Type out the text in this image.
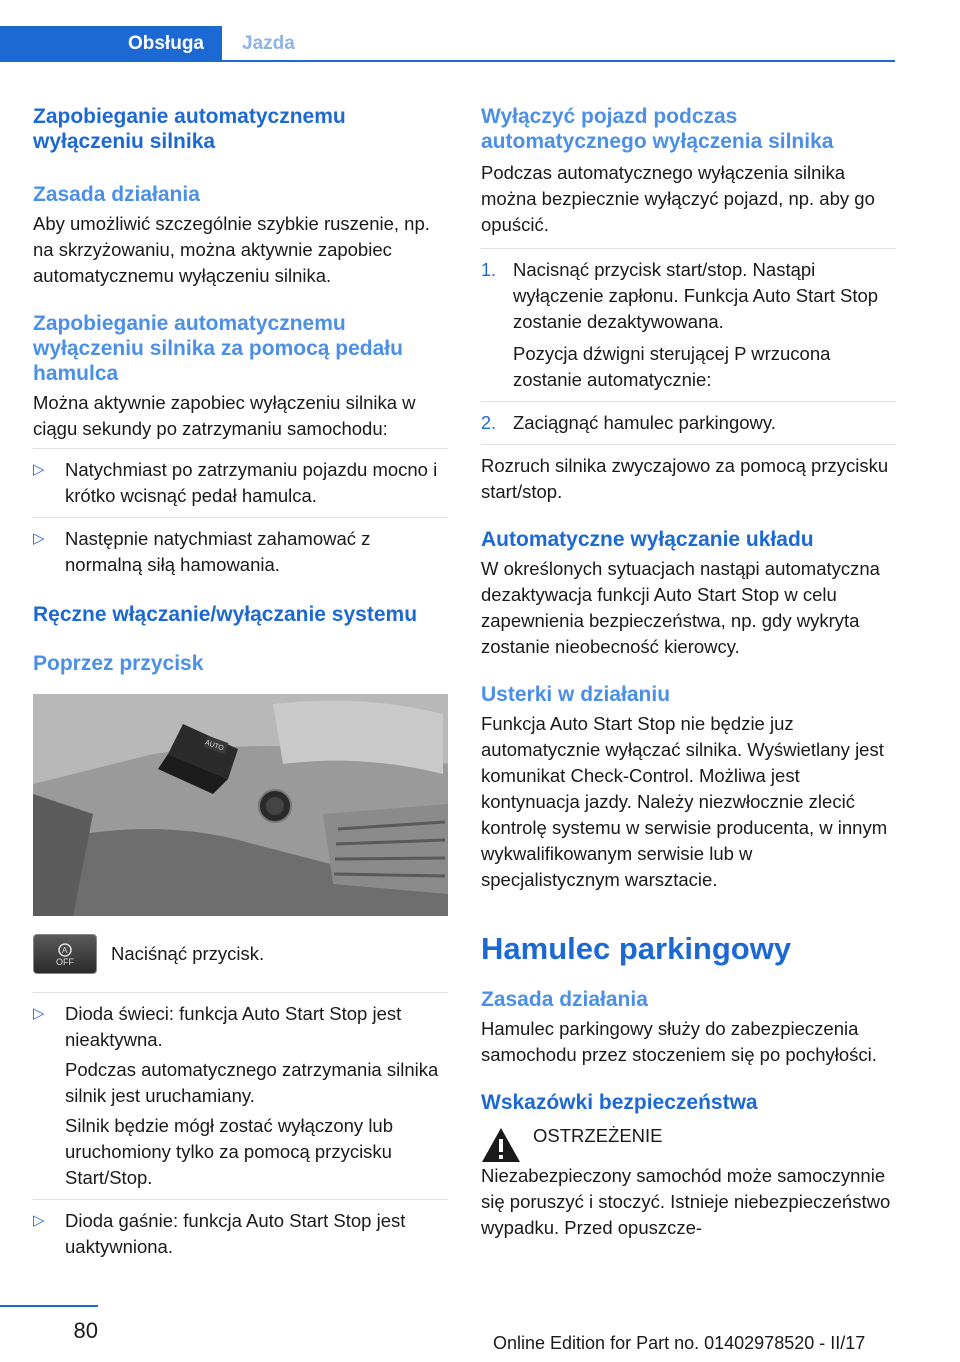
Obsługa	Jazda
Zapobieganie automatycznemu wyłączeniu silnika
Zasada działania

Aby umożliwić szczególnie szybkie ruszenie, np. na skrzyżowaniu, można aktywnie zapobiec automatycznemu wyłączeniu silnika.

Zapobieganie automatycznemu wyłączeniu silnika za pomocą pedału hamulca

Można aktywnie zapobiec wyłączeniu silnika w ciągu sekundy po zatrzymaniu samochodu:

▷	Natychmiast po zatrzymaniu pojazdu mocno i krótko wcisnąć pedał hamulca.
▷	Następnie natychmiast zahamować z normalną siłą hamowania.
Ręczne włączanie/wyłączanie systemu
Poprzez przycisk
AUTO
A
OFF Naciśnąć przycisk.

▷	Dioda świeci: funkcja Auto Start Stop jest nieaktywna.
Podczas automatycznego zatrzymania silnika silnik jest uruchamiany.
Silnik będzie mógł zostać wyłączony lub uruchomiony tylko za pomocą przycisku Start/Stop.
▷	Dioda gaśnie: funkcja Auto Start Stop jest uaktywniona.
Wyłączyć pojazd podczas automatycznego wyłączenia silnika

Podczas automatycznego wyłączenia silnika można bezpiecznie wyłączyć pojazd, np. aby go opuścić.

1. Nacisnąć przycisk start/stop. Nastąpi wyłączenie zapłonu. Funkcja Auto Start Stop zostanie dezaktywowana.
Pozycja dźwigni sterującej P wrzucona zostanie automatycznie:
2. Zaciągnąć hamulec parkingowy.

Rozruch silnika zwyczajowo za pomocą przycisku start/stop.

Automatyczne wyłączanie układu

W określonych sytuacjach nastąpi automatyczna dezaktywacja funkcji Auto Start Stop w celu zapewnienia bezpieczeństwa, np. gdy wykryta zostanie nieobecność kierowcy.

Usterki w działaniu

Funkcja Auto Start Stop nie będzie juz automatycznie wyłączać silnika. Wyświetlany jest komunikat Check-Control. Możliwa jest kontynuacja jazdy. Należy niezwłocznie zlecić kontrolę systemu w serwisie producenta, w innym wykwalifikowanym serwisie lub w specjalistycznym warsztacie.

Hamulec parkingowy
Zasada działania

Hamulec parkingowy służy do zabezpieczenia samochodu przez stoczeniem się po pochyłości.

Wskazówki bezpieczeństwa
OSTRZEŻENIE

Niezabezpieczony samochód może samoczynnie się poruszyć i stoczyć. Istnieje niebezpieczeństwo wypadku. Przed opuszcze-

80	Online Edition for Part no. 01402978520 - II/17
